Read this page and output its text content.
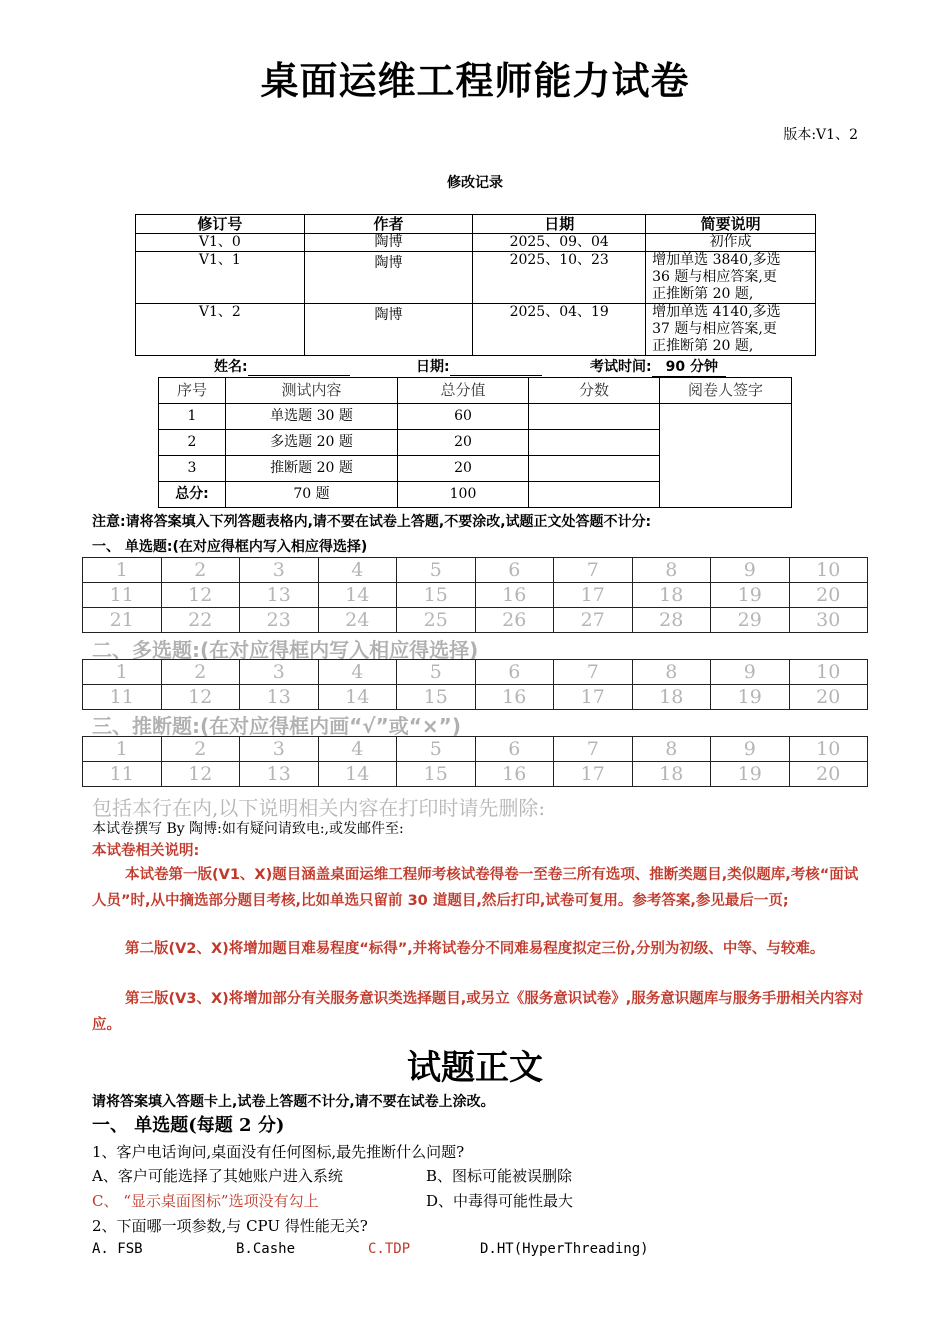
桌面运维工程师能力试卷
版本:V1、2
修改记录
修订号	作者	日期	简要说明
V1、0	陶博	2025、09、04	初作成
V1、1	陶博	2025、10、23	增加单选 3840,多选
36 题与相应答案,更
正推断第 20 题,

V1、2	陶博	2025、04、19	增加单选 4140,多选
37 题与相应答案,更
正推断第 20 题,
姓名:	日期:	考试时间: 90 分钟
序号	测试内容	总分值	分数	阅卷人签字
1	单选题 30 题	60		
2	多选题 20 题	20		
3	推断题 20 题	20		
总分:	70 题	100		
注意:请将答案填入下列答题表格内,请不要在试卷上答题,不要涂改,试题正文处答题不计分:
一、 单选题:(在对应得框内写入相应得选择)
1	2	3	4	5	6	7	8	9	10
11	12	13	14	15	16	17	18	19	20
21	22	23	24	25	26	27	28	29	30
二、多选题:(在对应得框内写入相应得选择)
1	2	3	4	5	6	7	8	9	10
11	12	13	14	15	16	17	18	19	20
三、推断题:(在对应得框内画“√”或“×”)
1	2	3	4	5	6	7	8	9	10
11	12	13	14	15	16	17	18	19	20
包括本行在内,以下说明相关内容在打印时请先删除:
本试卷撰写 By 陶博:如有疑问请致电:,或发邮件至:
本试卷相关说明:
本试卷第一版(V1、X)题目涵盖桌面运维工程师考核试卷得卷一至卷三所有选项、推断类题目,类似题库,考核“面试人员”时,从中摘选部分题目考核,比如单选只留前 30 道题目,然后打印,试卷可复用。参考答案,参见最后一页;
第二版(V2、X)将增加题目难易程度“标得”,并将试卷分不同难易程度拟定三份,分别为初级、中等、与较难。
第三版(V3、X)将增加部分有关服务意识类选择题目,或另立《服务意识试卷》,服务意识题库与服务手册相关内容对应。
试题正文
请将答案填入答题卡上,试卷上答题不计分,请不要在试卷上涂改。
一、 单选题(每题 2 分)
1、客户电话询问,桌面没有任何图标,最先推断什么问题?
A、客户可能选择了其她账户进入系统	B、图标可能被误删除
C、 “显示桌面图标”选项没有勾上	D、中毒得可能性最大
2、下面哪一项参数,与 CPU 得性能无关?
A. FSB	B.Cashe	C.TDP	D.HT(HyperThreading)
